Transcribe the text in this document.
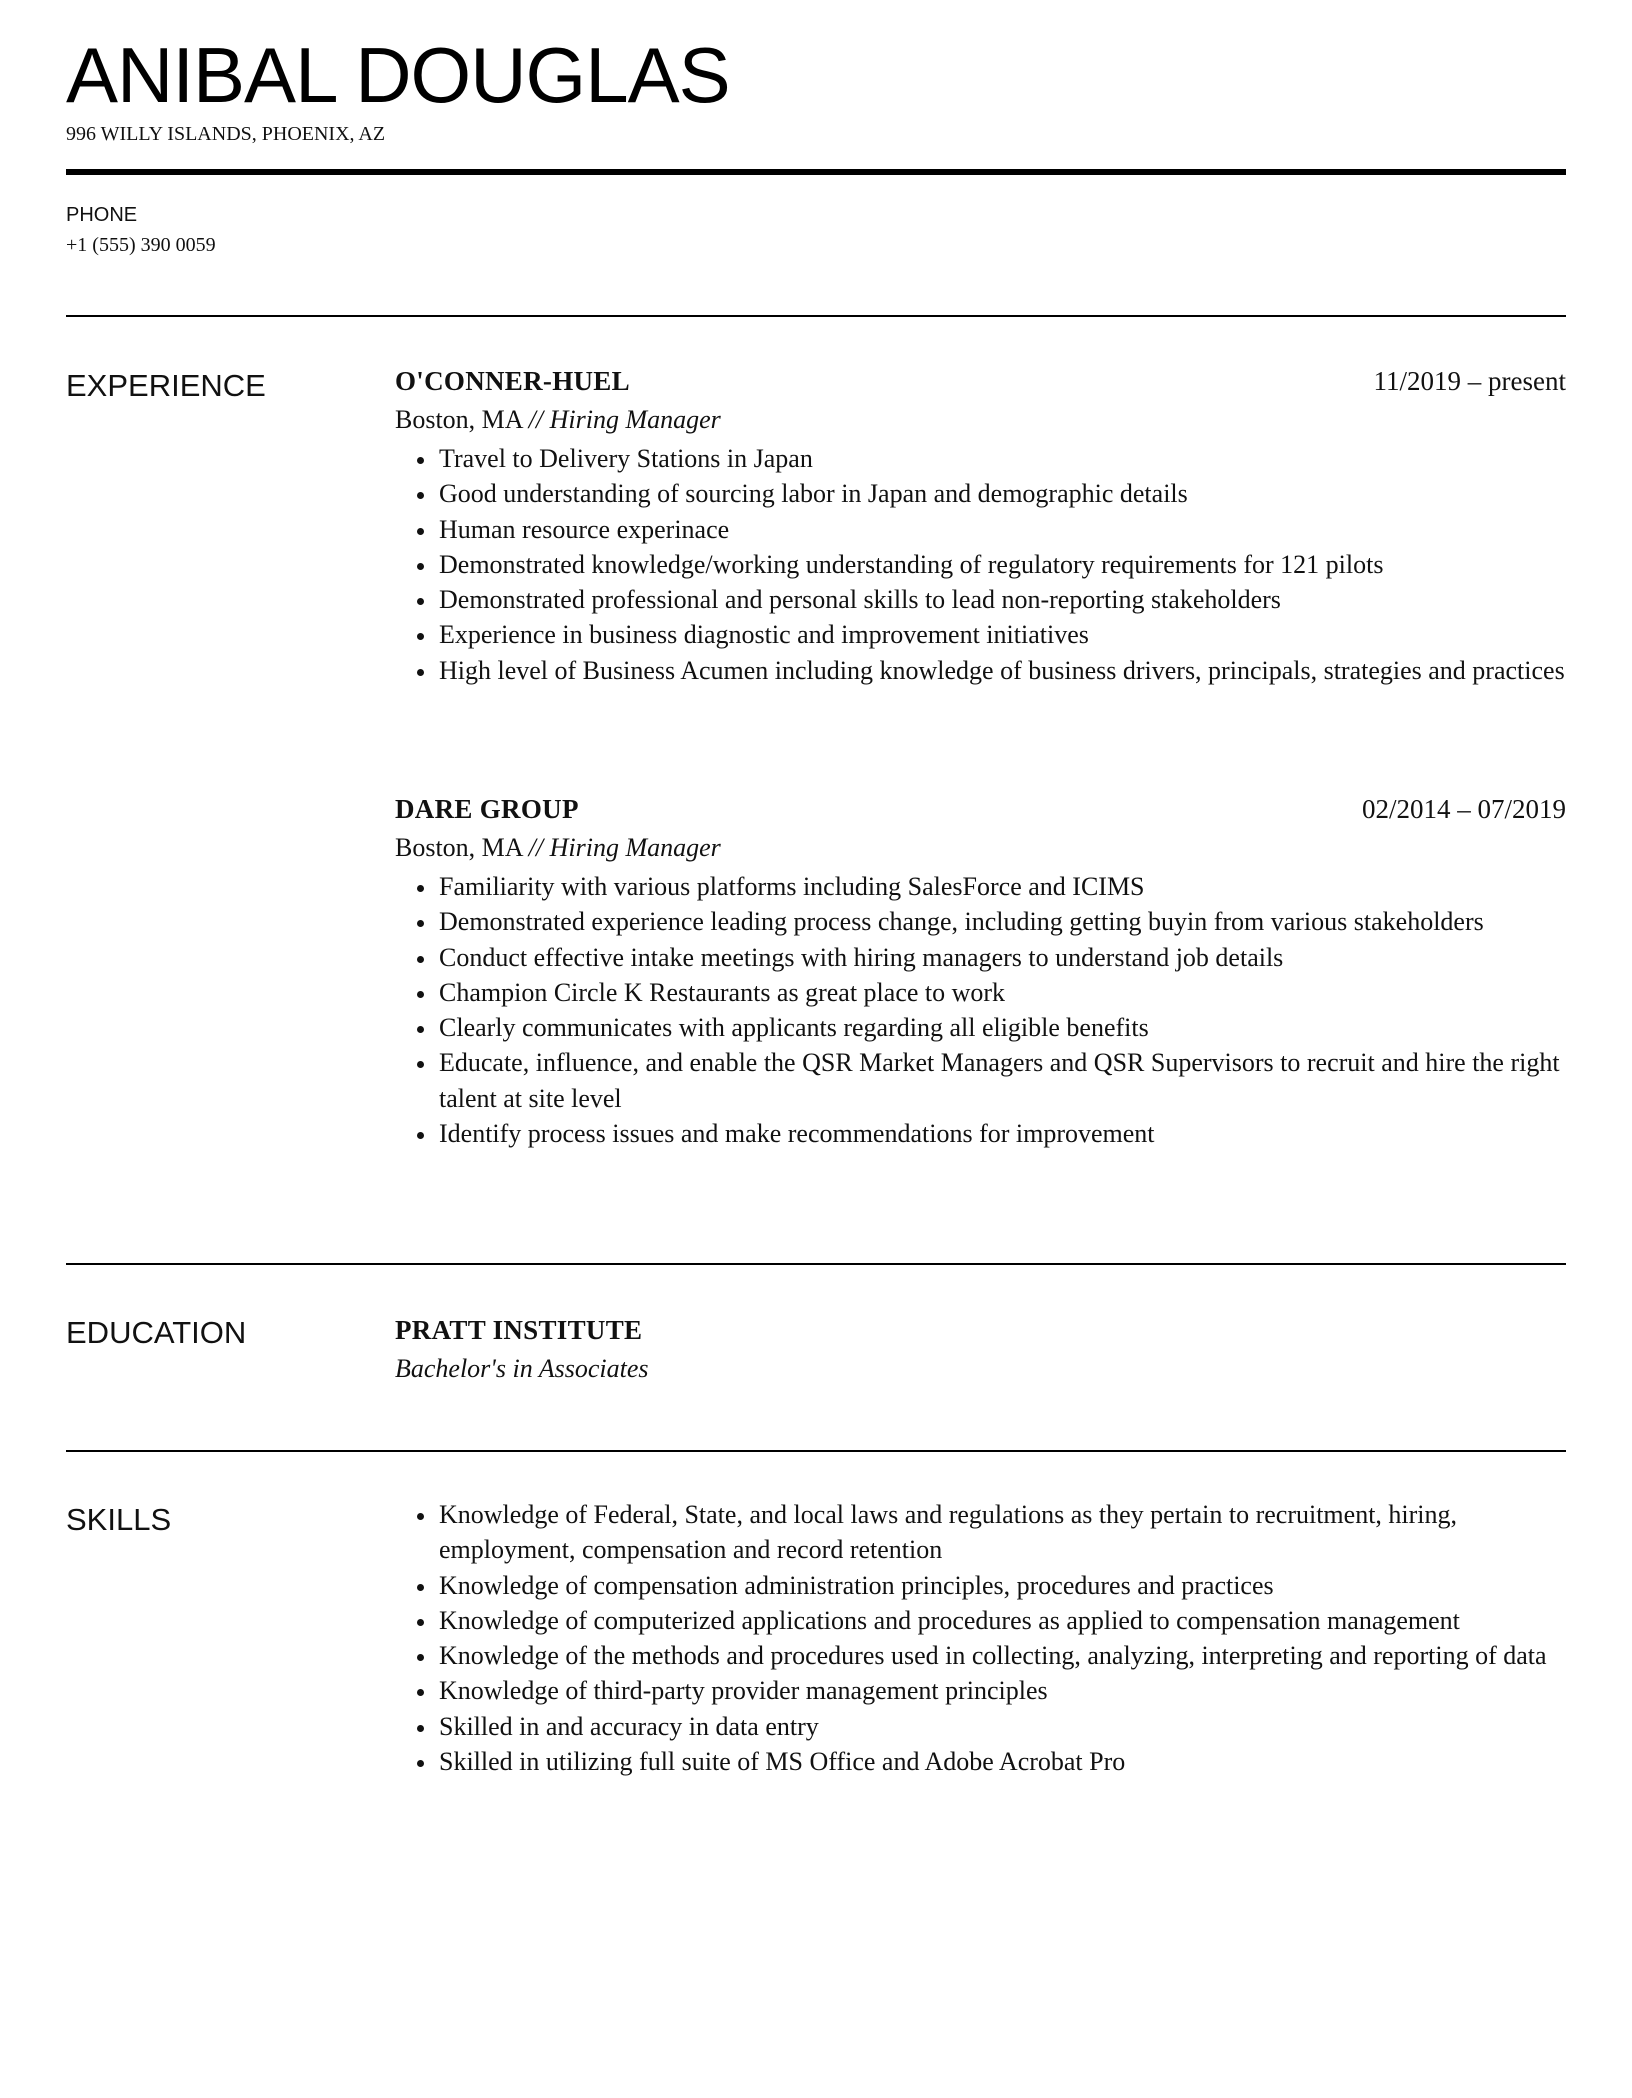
ANIBAL DOUGLAS
996 WILLY ISLANDS, PHOENIX, AZ
PHONE
+1 (555) 390 0059
EXPERIENCE	O'CONNER-HUEL	11/2019 – present
Boston, MA // Hiring Manager
• Travel to Delivery Stations in Japan
• Good understanding of sourcing labor in Japan and demographic details
• Human resource experinace
• Demonstrated knowledge/working understanding of regulatory requirements for 121 pilots
• Demonstrated professional and personal skills to lead non-reporting stakeholders
• Experience in business diagnostic and improvement initiatives
• High level of Business Acumen including knowledge of business drivers, principals, strategies and practices
DARE GROUP	02/2014 – 07/2019
Boston, MA // Hiring Manager
• Familiarity with various platforms including SalesForce and ICIMS
• Demonstrated experience leading process change, including getting buyin from various stakeholders
• Conduct effective intake meetings with hiring managers to understand job details
• Champion Circle K Restaurants as great place to work
• Clearly communicates with applicants regarding all eligible benefits
• Educate, influence, and enable the QSR Market Managers and QSR Supervisors to recruit and hire the right talent at site level
• Identify process issues and make recommendations for improvement
EDUCATION	PRATT INSTITUTE
Bachelor's in Associates
SKILLS
•	Knowledge of Federal, State, and local laws and regulations as they pertain to recruitment, hiring, employment, compensation and record retention
• Knowledge of compensation administration principles, procedures and practices
• Knowledge of computerized applications and procedures as applied to compensation management
• Knowledge of the methods and procedures used in collecting, analyzing, interpreting and reporting of data
• Knowledge of third-party provider management principles
• Skilled in and accuracy in data entry
• Skilled in utilizing full suite of MS Office and Adobe Acrobat Pro
